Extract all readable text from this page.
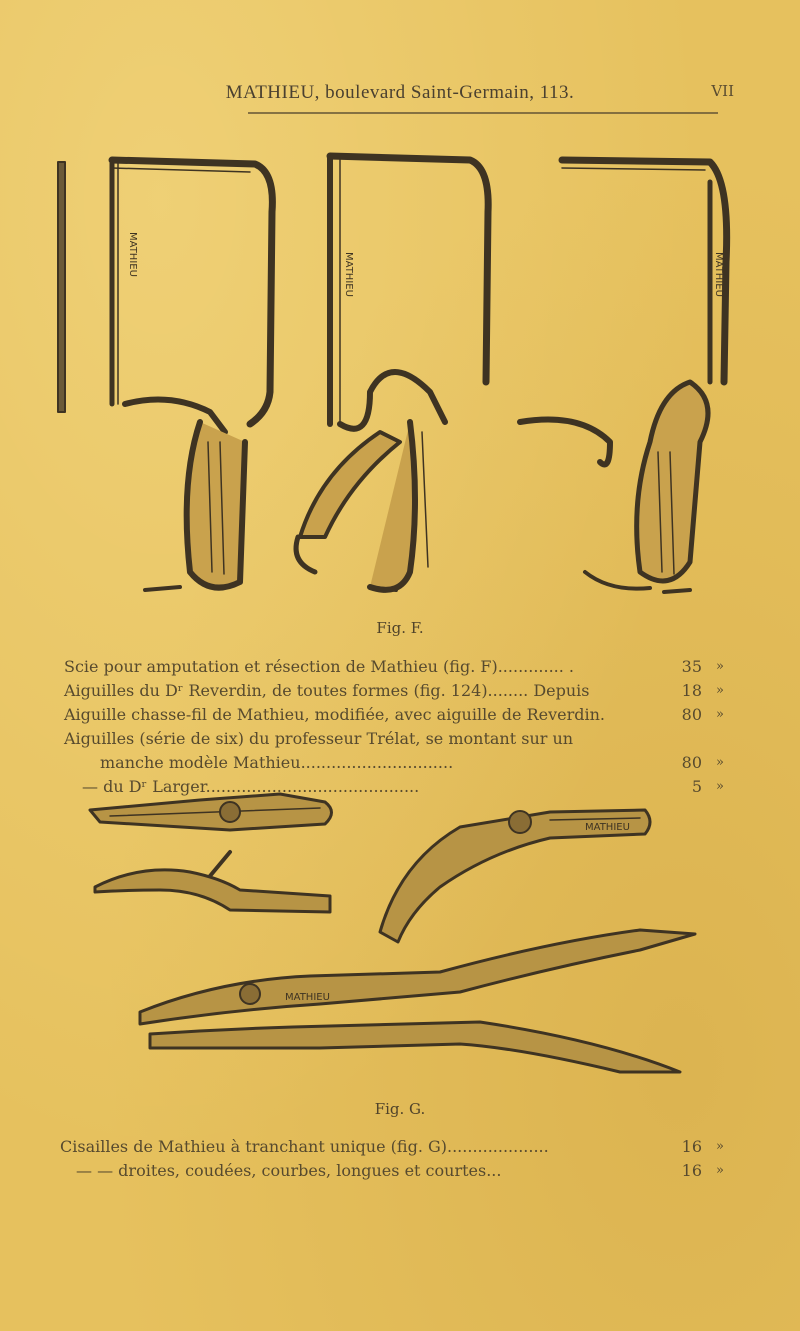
MATHIEU, boulevard Saint-Germain, 113.	VII
MATHIEU	MATHIEU	MATHIEU
Fig. F.
Scie pour amputation et résection de Mathieu (fig. F)............. .	35	»
Aiguilles du Dʳ Reverdin, de toutes formes (fig. 124)........ Depuis	18	»
Aiguille chasse-fil de Mathieu, modifiée, avec aiguille de Reverdin.	80	»
Aiguilles (série de six) du professeur Trélat, se montant sur un
manche modèle Mathieu..............................	80	»
— du Dʳ Larger..........................................	5	»
MATHIEU
MATHIEU
Fig. G.
Cisailles de Mathieu à tranchant unique (fig. G)....................	16	»
— — droites, coudées, courbes, longues et courtes...	16	»
